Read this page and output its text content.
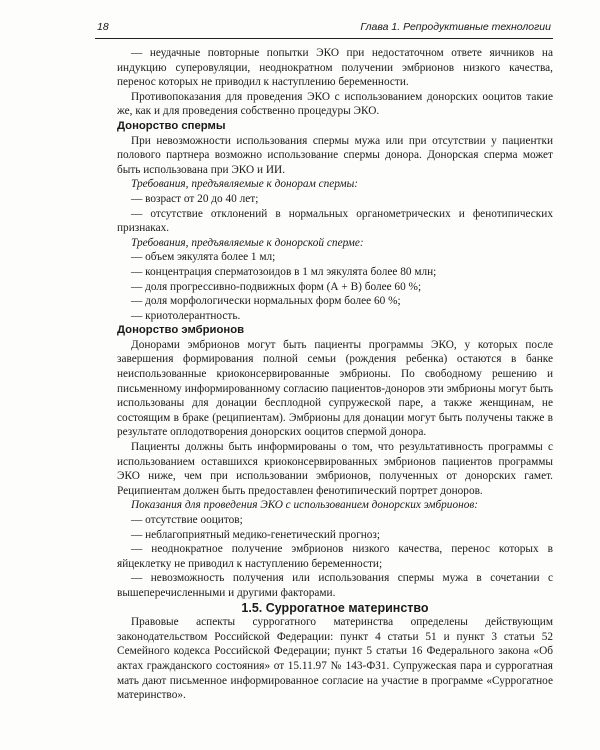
18	Глава 1. Репродуктивные технологии

— неудачные повторные попытки ЭКО при недостаточном ответе яичников на индукцию суперовуляции, неоднократном получении эмбрионов низкого качества, перенос которых не приводил к наступлению беременности.

Противопоказания для проведения ЭКО с использованием донорских ооцитов такие же, как и для проведения собственно процедуры ЭКО.

Донорство спермы

При невозможности использования спермы мужа или при отсутствии у пациентки полового партнера возможно использование спермы донора. Донорская сперма может быть использована при ЭКО и ИИ.

Требования, предъявляемые к донорам спермы:

— возраст от 20 до 40 лет;

— отсутствие отклонений в нормальных органометрических и фенотипических признаках.

Требования, предъявляемые к донорской сперме:

— объем эякулята более 1 мл;

— концентрация сперматозоидов в 1 мл эякулята более 80 млн;

— доля прогрессивно-подвижных форм (А + В) более 60 %;

— доля морфологически нормальных форм более 60 %;

— криотолерантность.

Донорство эмбрионов

Донорами эмбрионов могут быть пациенты программы ЭКО, у которых после завершения формирования полной семьи (рождения ребенка) остаются в банке неиспользованные криоконсервированные эмбрионы. По свободному решению и письменному информированному согласию пациентов-доноров эти эмбрионы могут быть использованы для донации бесплодной супружеской паре, а также женщинам, не состоящим в браке (реципиентам). Эмбрионы для донации могут быть получены также в результате оплодотворения донорских ооцитов спермой донора.

Пациенты должны быть информированы о том, что результативность программы с использованием оставшихся криоконсервированных эмбрионов пациентов программы ЭКО ниже, чем при использовании эмбрионов, полученных от донорских гамет. Реципиентам должен быть предоставлен фенотипический портрет доноров.

Показания для проведения ЭКО с использованием донорских эмбрионов:

— отсутствие ооцитов;

— неблагоприятный медико-генетический прогноз;

— неоднократное получение эмбрионов низкого качества, перенос которых в яйцеклетку не приводил к наступлению беременности;

— невозможность получения или использования спермы мужа в сочетании с вышеперечисленными и другими факторами.

1.5. Суррогатное материнство

Правовые аспекты суррогатного материнства определены действующим законодательством Российской Федерации: пункт 4 статьи 51 и пункт 3 статьи 52 Семейного кодекса Российской Федерации; пункт 5 статьи 16 Федерального закона «Об актах гражданского состояния» от 15.11.97 № 143-ФЗ1. Супружеская пара и суррогатная мать дают письменное информированное согласие на участие в программе «Суррогатное материнство».
